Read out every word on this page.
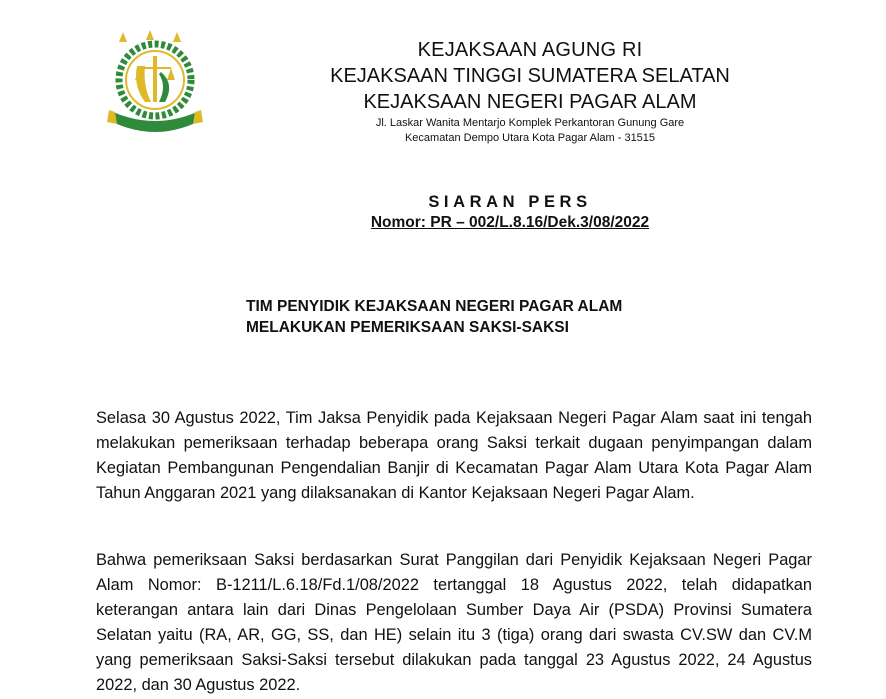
KEJAKSAAN AGUNG RI
KEJAKSAAN TINGGI SUMATERA SELATAN
KEJAKSAAN NEGERI PAGAR ALAM
Jl. Laskar Wanita Mentarjo Komplek Perkantoran Gunung Gare
Kecamatan Dempo Utara Kota Pagar Alam - 31515
SIARAN PERS
Nomor: PR – 002/L.8.16/Dek.3/08/2022
TIM PENYIDIK KEJAKSAAN NEGERI PAGAR ALAM
MELAKUKAN PEMERIKSAAN SAKSI-SAKSI

Selasa 30 Agustus 2022, Tim Jaksa Penyidik pada Kejaksaan Negeri Pagar Alam saat ini tengah melakukan pemeriksaan terhadap beberapa orang Saksi terkait dugaan penyimpangan dalam Kegiatan Pembangunan Pengendalian Banjir di Kecamatan Pagar Alam Utara Kota Pagar Alam Tahun Anggaran 2021 yang dilaksanakan di Kantor Kejaksaan Negeri Pagar Alam.

Bahwa pemeriksaan Saksi berdasarkan Surat Panggilan dari Penyidik Kejaksaan Negeri Pagar Alam Nomor: B-1211/L.6.18/Fd.1/08/2022 tertanggal 18 Agustus 2022, telah didapatkan keterangan antara lain dari Dinas Pengelolaan Sumber Daya Air (PSDA) Provinsi Sumatera Selatan yaitu (RA, AR, GG, SS, dan HE) selain itu 3 (tiga) orang dari swasta CV.SW dan CV.M yang pemeriksaan Saksi-Saksi tersebut dilakukan pada tanggal 23 Agustus 2022, 24 Agustus 2022, dan 30 Agustus 2022.
